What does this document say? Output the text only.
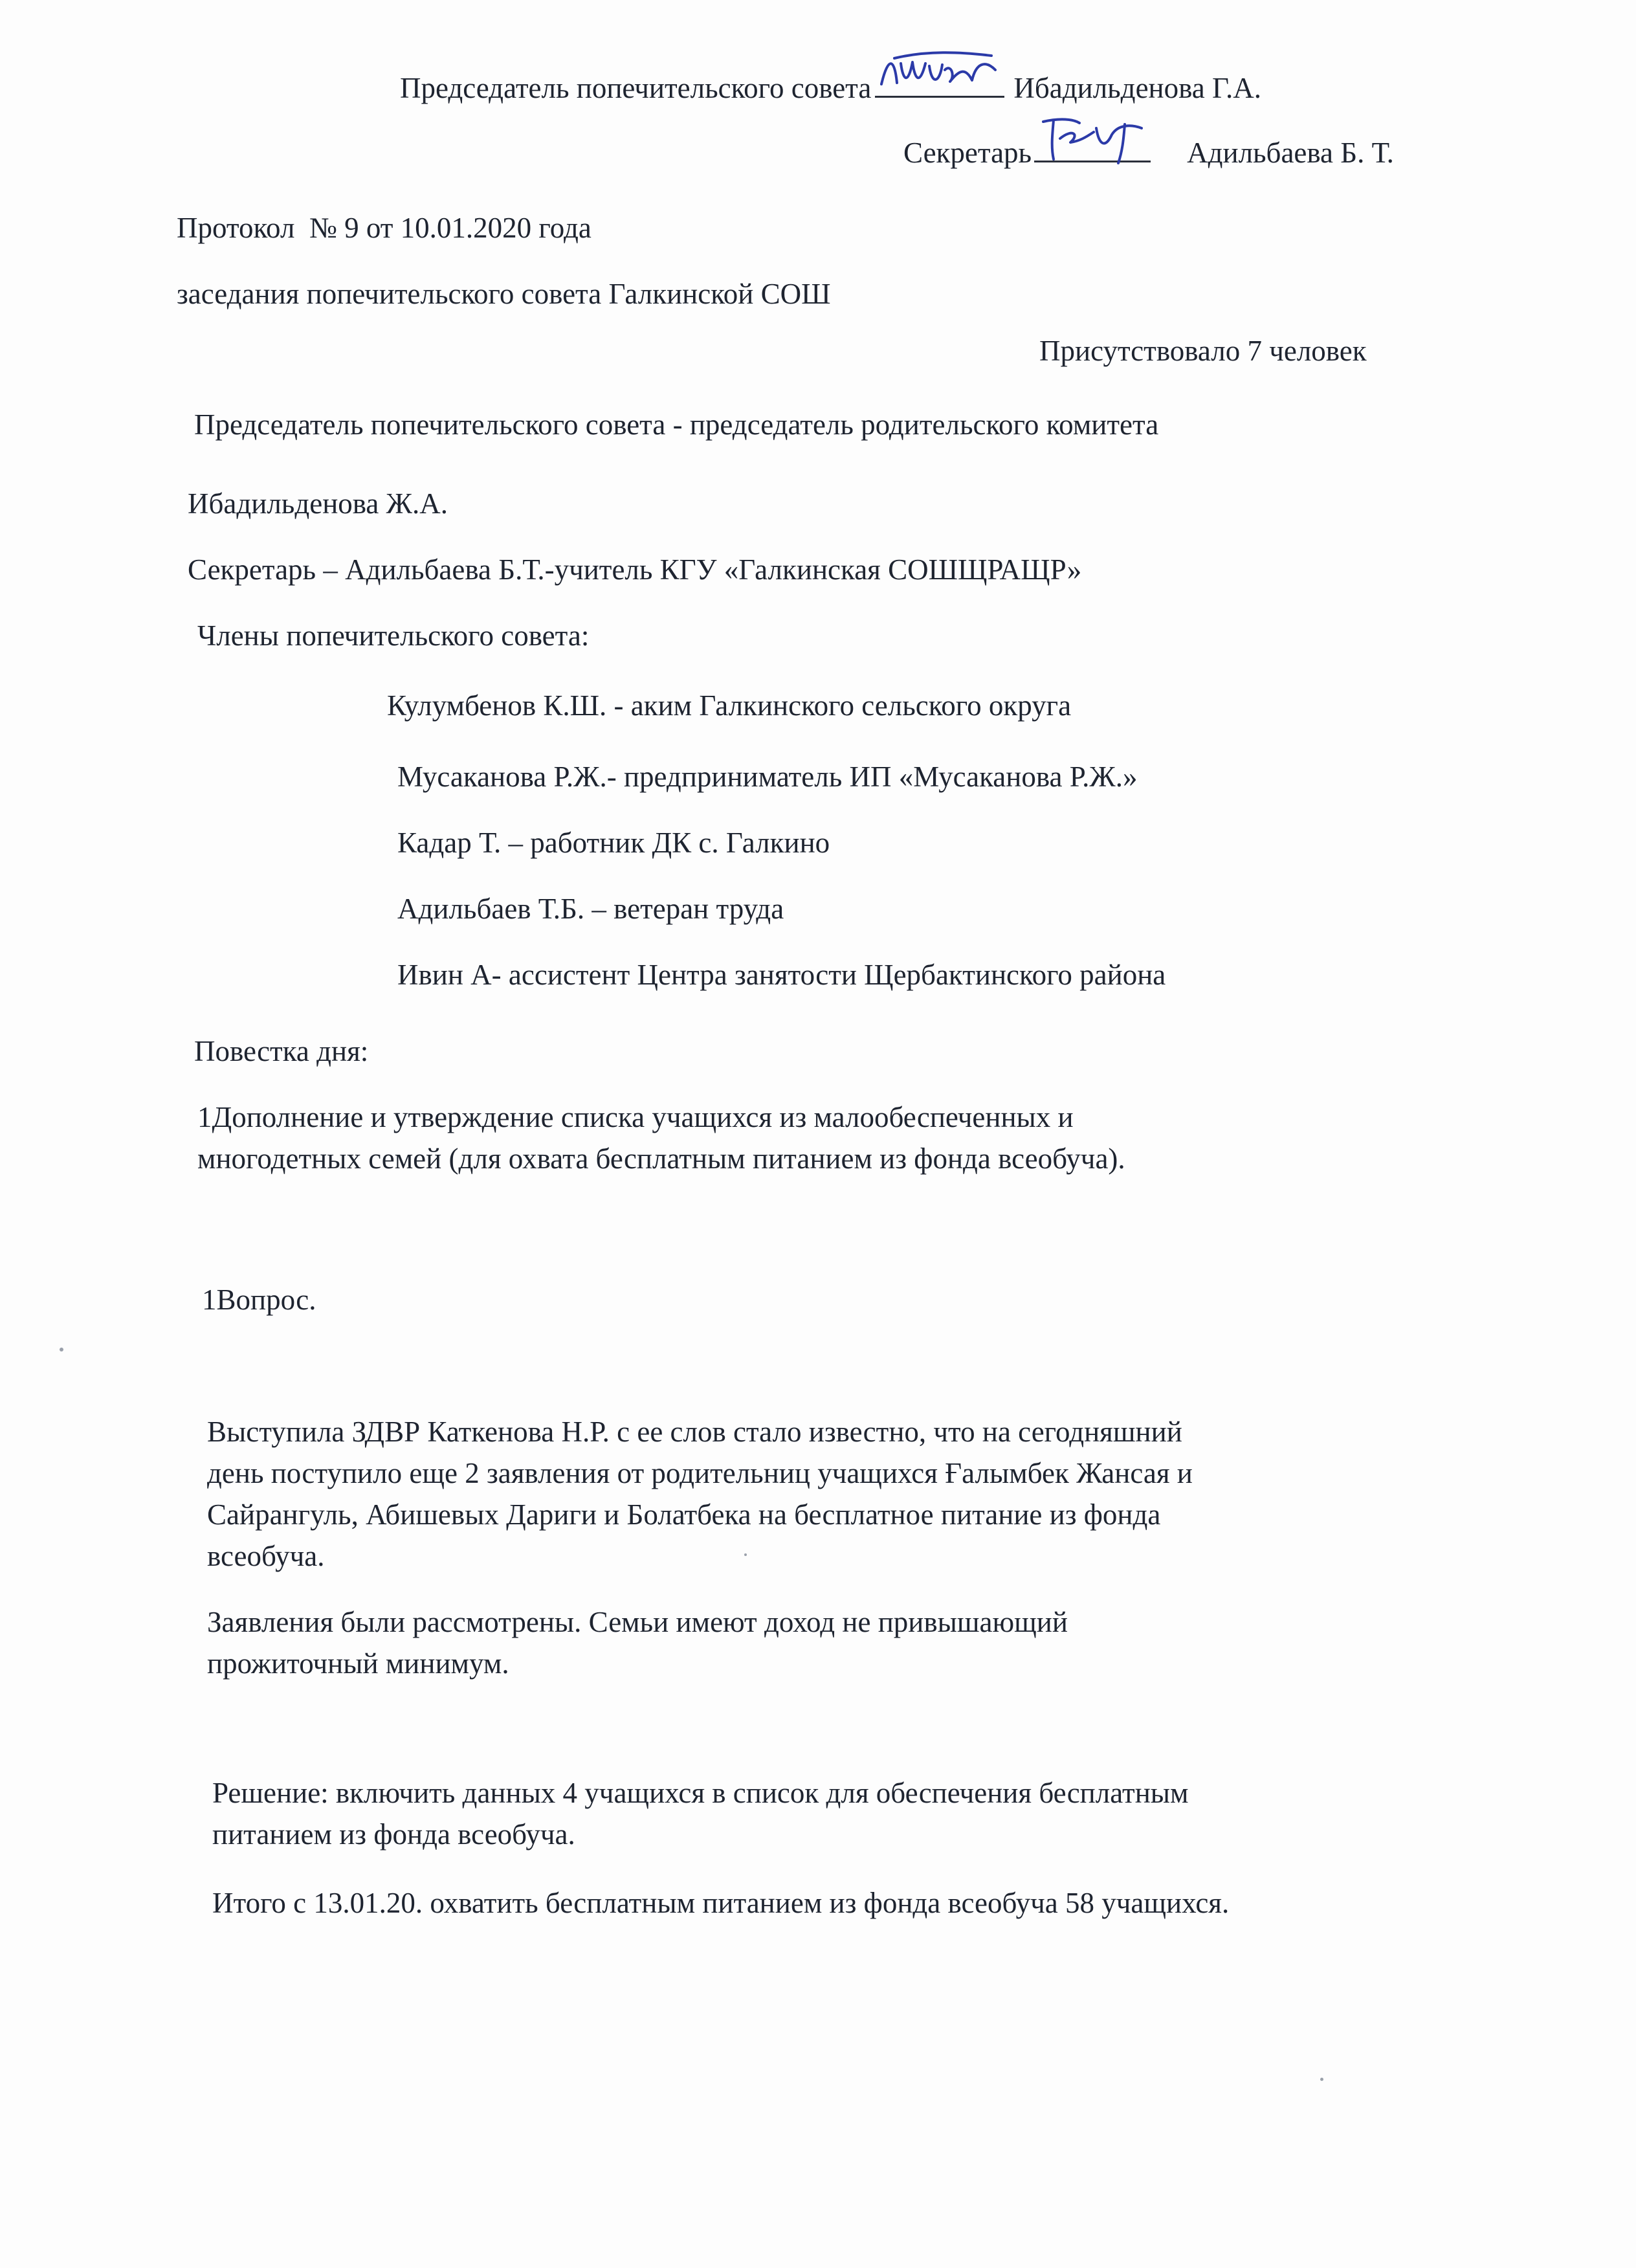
Председатель попечительского совета	Ибадильденова Г.А.
Секретарь	Адильбаева Б. Т.
Протокол  № 9 от 10.01.2020 года
заседания попечительского совета Галкинской СОШ
Присутствовало 7 человек
Председатель попечительского совета - председатель родительского комитета
Ибадильденова Ж.А.
Секретарь – Адильбаева Б.Т.-учитель КГУ «Галкинская СОШЩРАЩР»
Члены попечительского совета:
Кулумбенов К.Ш. - аким Галкинского сельского округа
Мусаканова Р.Ж.- предприниматель ИП «Мусаканова Р.Ж.»
Кадар Т. – работник ДК с. Галкино
Адильбаев Т.Б. – ветеран труда
Ивин А- ассистент Центра занятости Щербактинского района
Повестка дня:
1Дополнение и утверждение списка учащихся из малообеспеченных и
многодетных семей (для охвата бесплатным питанием из фонда всеобуча).
1Вопрос.
Выступила ЗДВР Каткенова Н.Р. с ее слов стало известно, что на сегодняшний
день поступило еще 2 заявления от родительниц учащихся Ғалымбек Жансая и
Сайрангуль, Абишевых Дариги и Болатбека на бесплатное питание из фонда
всеобуча.
Заявления были рассмотрены. Семьи имеют доход не привышающий
прожиточный минимум.
Решение: включить данных 4 учащихся в список для обеспечения бесплатным
питанием из фонда всеобуча.
Итого с 13.01.20. охватить бесплатным питанием из фонда всеобуча 58 учащихся.
